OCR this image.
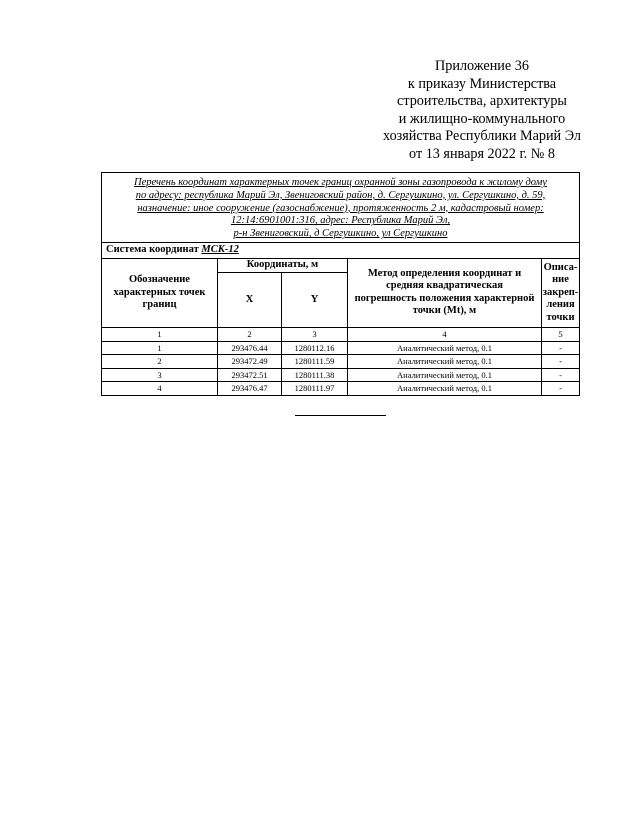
Приложение 36
к приказу Министерства
строительства, архитектуры
и жилищно-коммунального
хозяйства Республики Марий Эл
от 13 января 2022 г. № 8
Перечень координат характерных точек границ охранной зоны газопровода к жилому дому
по адресу: республика Марий Эл, Звениговский район, д. Сергушкино, ул. Сергушкино, д. 59,
назначение: иное сооружение (газоснабжение), протяженность 2 м, кадастровый номер:
12:14:6901001:316, адрес: Республика Марий Эл,
р-н Звениговский, д Сергушкино, ул Сергушкино				

Система координат МСК-12				
Обозначение характерных точек границ	Координаты, м		Метод определения координат и средняя квадратическая погрешность положения характерной точки (Mt), м	Описа-ние закреп-ления точки
	X	Y		
1	2	3	4	5
1	293476.44	1280112.16	Аналитический метод, 0.1	-
2	293472.49	1280111.59	Аналитический метод, 0.1	-
3	293472.51	1280111.38	Аналитический метод, 0.1	-
4	293476.47	1280111.97	Аналитический метод, 0.1	-
